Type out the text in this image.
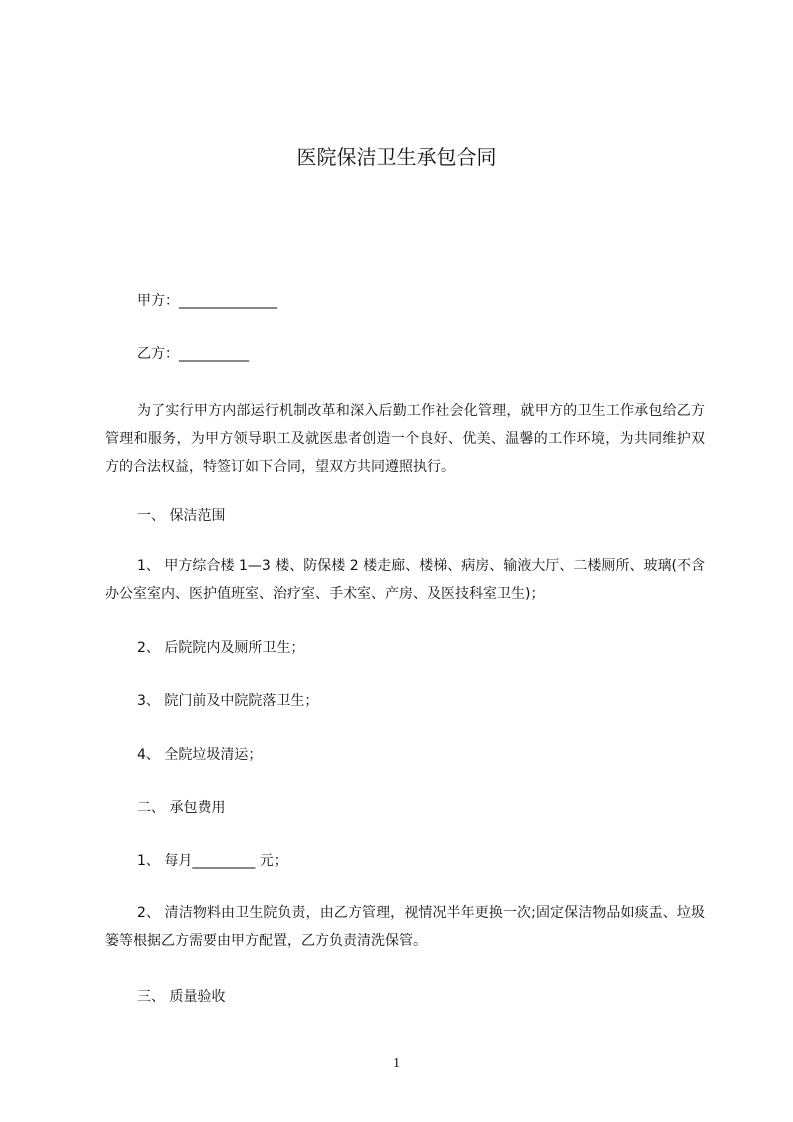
医院保洁卫生承包合同
甲方：______________
乙方：__________
为了实行甲方内部运行机制改革和深入后勤工作社会化管理，就甲方的卫生工作承包给乙方管理和服务，为甲方领导职工及就医患者创造一个良好、优美、温馨的工作环境，为共同维护双方的合法权益，特签订如下合同，望双方共同遵照执行。
一、 保洁范围
1、 甲方综合楼 1—3 楼、防保楼 2 楼走廊、楼梯、病房、输液大厅、二楼厕所、玻璃(不含办公室室内、医护值班室、治疗室、手术室、产房、及医技科室卫生)；
2、 后院院内及厕所卫生；
3、 院门前及中院院落卫生；
4、 全院垃圾清运；
二、 承包费用
1、 每月_________ 元；
2、 清洁物料由卫生院负责，由乙方管理，视情况半年更换一次;固定保洁物品如痰盂、垃圾篓等根据乙方需要由甲方配置，乙方负责清洗保管。
三、 质量验收
1
